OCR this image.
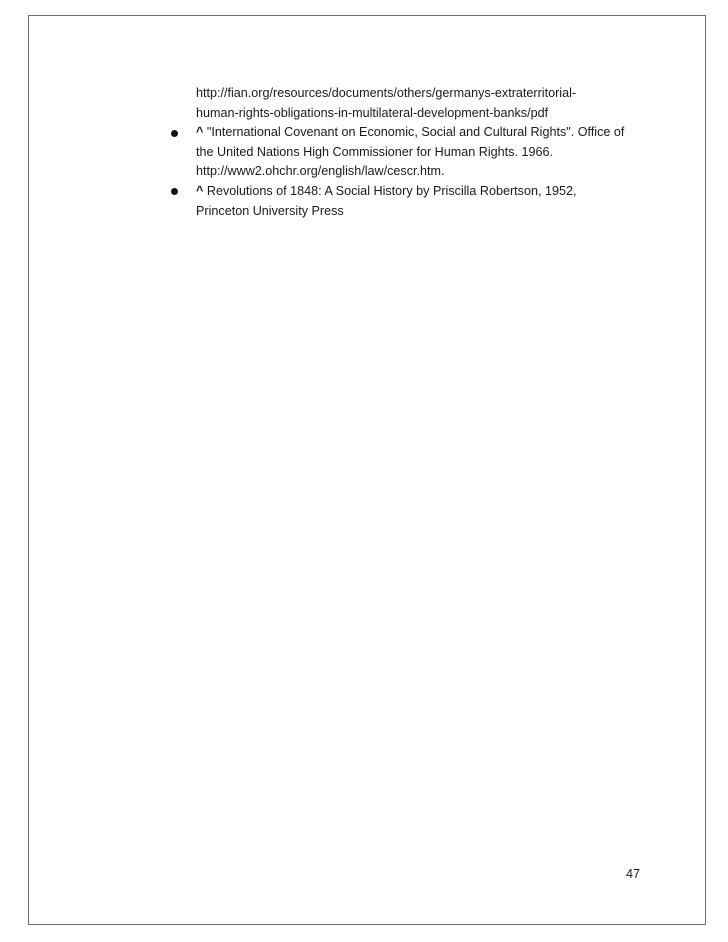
http://fian.org/resources/documents/others/germanys-extraterritorial-
human-rights-obligations-in-multilateral-development-banks/pdf
^ "International Covenant on Economic, Social and Cultural Rights". Office of
the United Nations High Commissioner for Human Rights. 1966.
http://www2.ohchr.org/english/law/cescr.htm.
^ Revolutions of 1848: A Social History by Priscilla Robertson, 1952,
Princeton University Press
47
